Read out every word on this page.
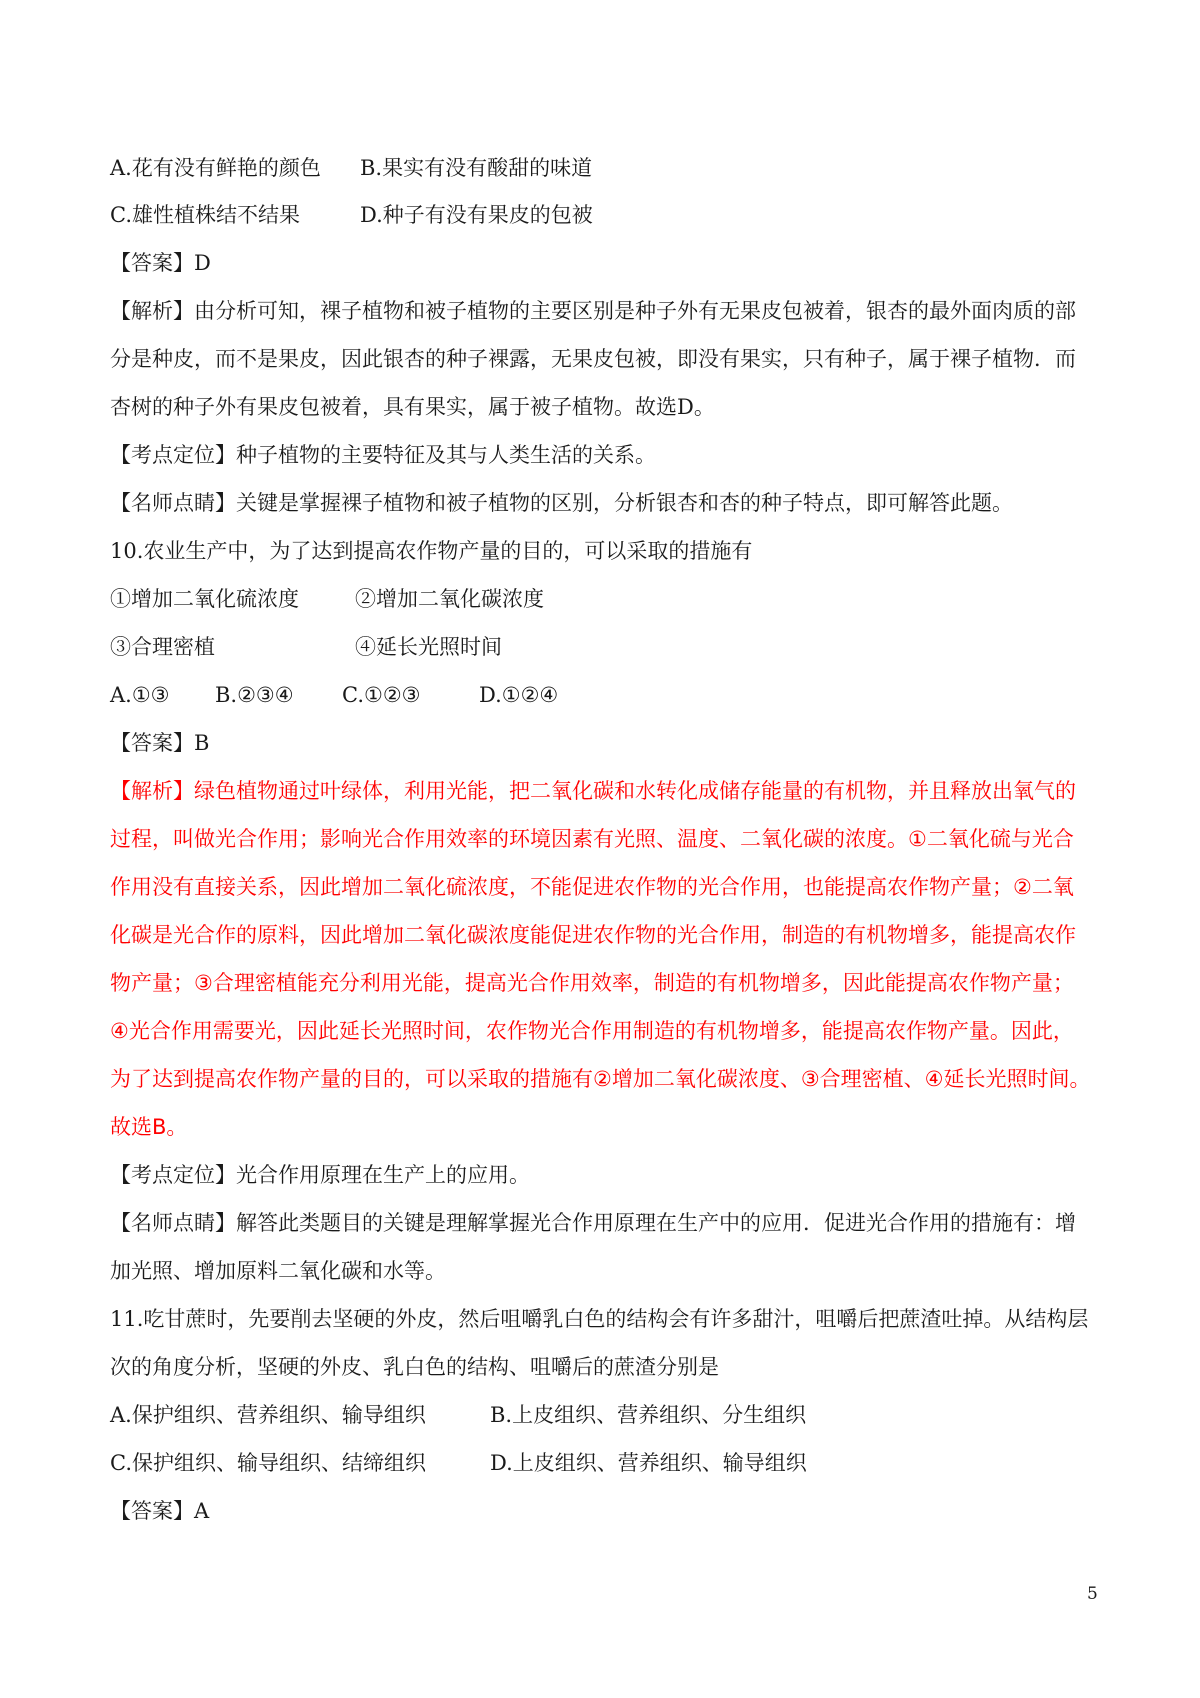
A.花有没有鲜艳的颜色 B.果实有没有酸甜的味道
C.雄性植株结不结果	D.种子有没有果皮的包被
【答案】D
【解析】由分析可知，裸子植物和被子植物的主要区别是种子外有无果皮包被着，银杏的最外面肉质的部
分是种皮，而不是果皮，因此银杏的种子裸露，无果皮包被，即没有果实，只有种子，属于裸子植物．而
杏树的种子外有果皮包被着，具有果实，属于被子植物。故选D。
【考点定位】种子植物的主要特征及其与人类生活的关系。
【名师点睛】关键是掌握裸子植物和被子植物的区别，分析银杏和杏的种子特点，即可解答此题。
10.农业生产中，为了达到提高农作物产量的目的，可以采取的措施有
①增加二氧化硫浓度	②增加二氧化碳浓度
③合理密植	④延长光照时间
A.①③ B.②③④ C.①②③	D.①②④
【答案】B
【解析】绿色植物通过叶绿体，利用光能，把二氧化碳和水转化成储存能量的有机物，并且释放出氧气的
过程，叫做光合作用；影响光合作用效率的环境因素有光照、温度、二氧化碳的浓度。①二氧化硫与光合
作用没有直接关系，因此增加二氧化硫浓度，不能促进农作物的光合作用，也能提高农作物产量；②二氧
化碳是光合作的原料，因此增加二氧化碳浓度能促进农作物的光合作用，制造的有机物增多，能提高农作
物产量；③合理密植能充分利用光能，提高光合作用效率，制造的有机物增多，因此能提高农作物产量；
④光合作用需要光，因此延长光照时间，农作物光合作用制造的有机物增多，能提高农作物产量。因此，
为了达到提高农作物产量的目的，可以采取的措施有②增加二氧化碳浓度、③合理密植、④延长光照时间。
故选B。
【考点定位】光合作用原理在生产上的应用。
【名师点睛】解答此类题目的关键是理解掌握光合作用原理在生产中的应用．促进光合作用的措施有：增
加光照、增加原料二氧化碳和水等。
11.吃甘蔗时，先要削去坚硬的外皮，然后咀嚼乳白色的结构会有许多甜汁，咀嚼后把蔗渣吐掉。从结构层
次的角度分析，坚硬的外皮、乳白色的结构、咀嚼后的蔗渣分别是
A.保护组织、营养组织、输导组织	B.上皮组织、营养组织、分生组织
C.保护组织、输导组织、结缔组织	D.上皮组织、营养组织、输导组织
【答案】A
5
